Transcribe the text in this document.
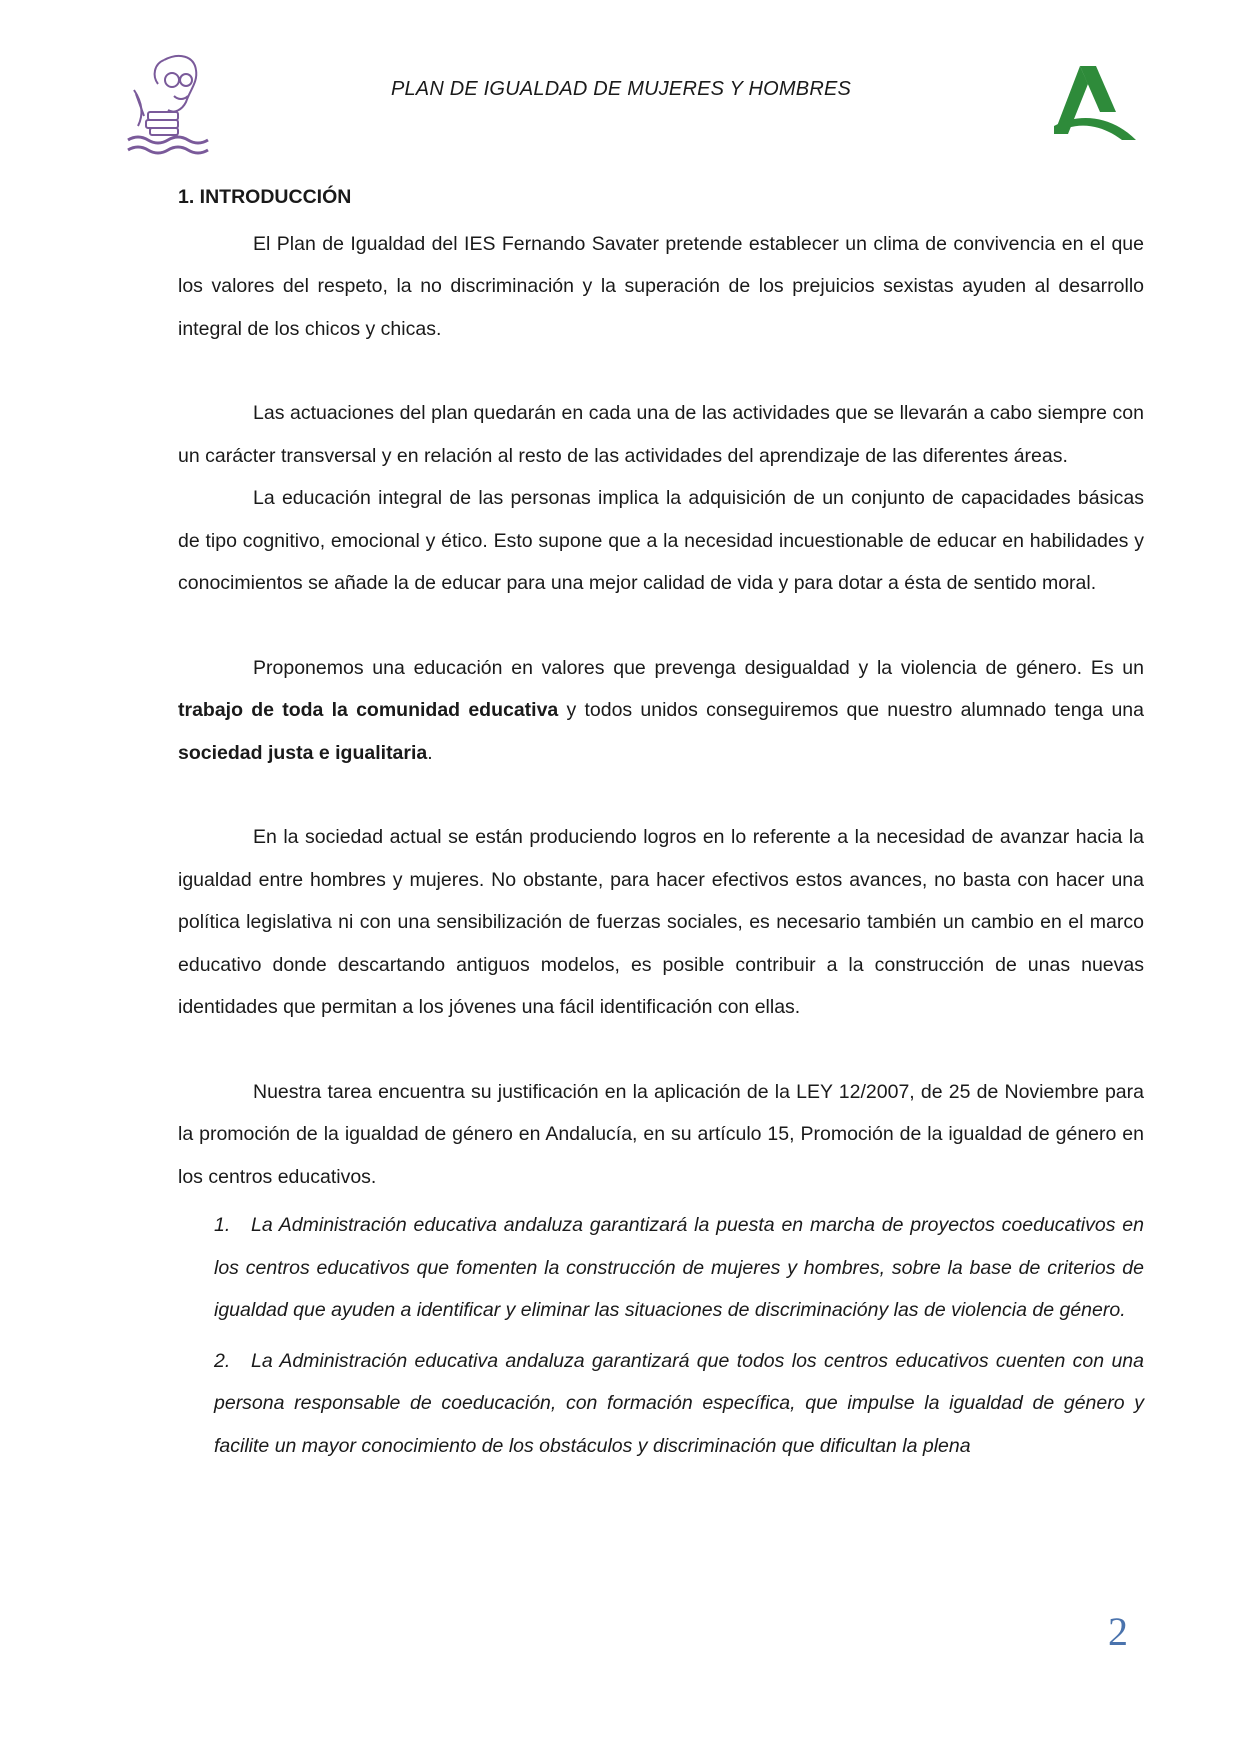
PLAN DE IGUALDAD DE MUJERES Y HOMBRES
1. INTRODUCCIÓN

El Plan de Igualdad del IES Fernando Savater pretende establecer un clima de convivencia en el que los valores del respeto, la no discriminación y la superación de los prejuicios sexistas ayuden al desarrollo integral de los chicos y chicas.

Las actuaciones del plan quedarán en cada una de las actividades que se llevarán a cabo siempre con un carácter transversal y en relación al resto de las actividades del aprendizaje de las diferentes áreas.

La educación integral de las personas implica la adquisición de un conjunto de capacidades básicas de tipo cognitivo, emocional y ético. Esto supone que a la necesidad incuestionable de educar en habilidades y conocimientos se añade la de educar para una mejor calidad de vida y para dotar a ésta de sentido moral.

Proponemos una educación en valores que prevenga desigualdad y la violencia de género. Es un trabajo de toda la comunidad educativa y todos unidos conseguiremos que nuestro alumnado tenga una sociedad justa e igualitaria.

En la sociedad actual se están produciendo logros en lo referente a la necesidad de avanzar hacia la igualdad entre hombres y mujeres. No obstante, para hacer efectivos estos avances, no basta con hacer una política legislativa ni con una sensibilización de fuerzas sociales, es necesario también un cambio en el marco educativo donde descartando antiguos modelos, es posible contribuir a la construcción de unas nuevas identidades que permitan a los jóvenes una fácil identificación con ellas.

Nuestra tarea encuentra su justificación en la aplicación de la LEY 12/2007, de 25 de Noviembre para la promoción de la igualdad de género en Andalucía, en su artículo 15, Promoción de la igualdad de género en los centros educativos.

1. La Administración educativa andaluza garantizará la puesta en marcha de proyectos coeducativos en los centros educativos que fomenten la construcción de mujeres y hombres, sobre la base de criterios de igualdad que ayuden a identificar y eliminar las situaciones de discriminacióny las de violencia de género.

2. La Administración educativa andaluza garantizará que todos los centros educativos cuenten con una persona responsable de coeducación, con formación específica, que impulse la igualdad de género y facilite un mayor conocimiento de los obstáculos y discriminación que dificultan la plena

2
